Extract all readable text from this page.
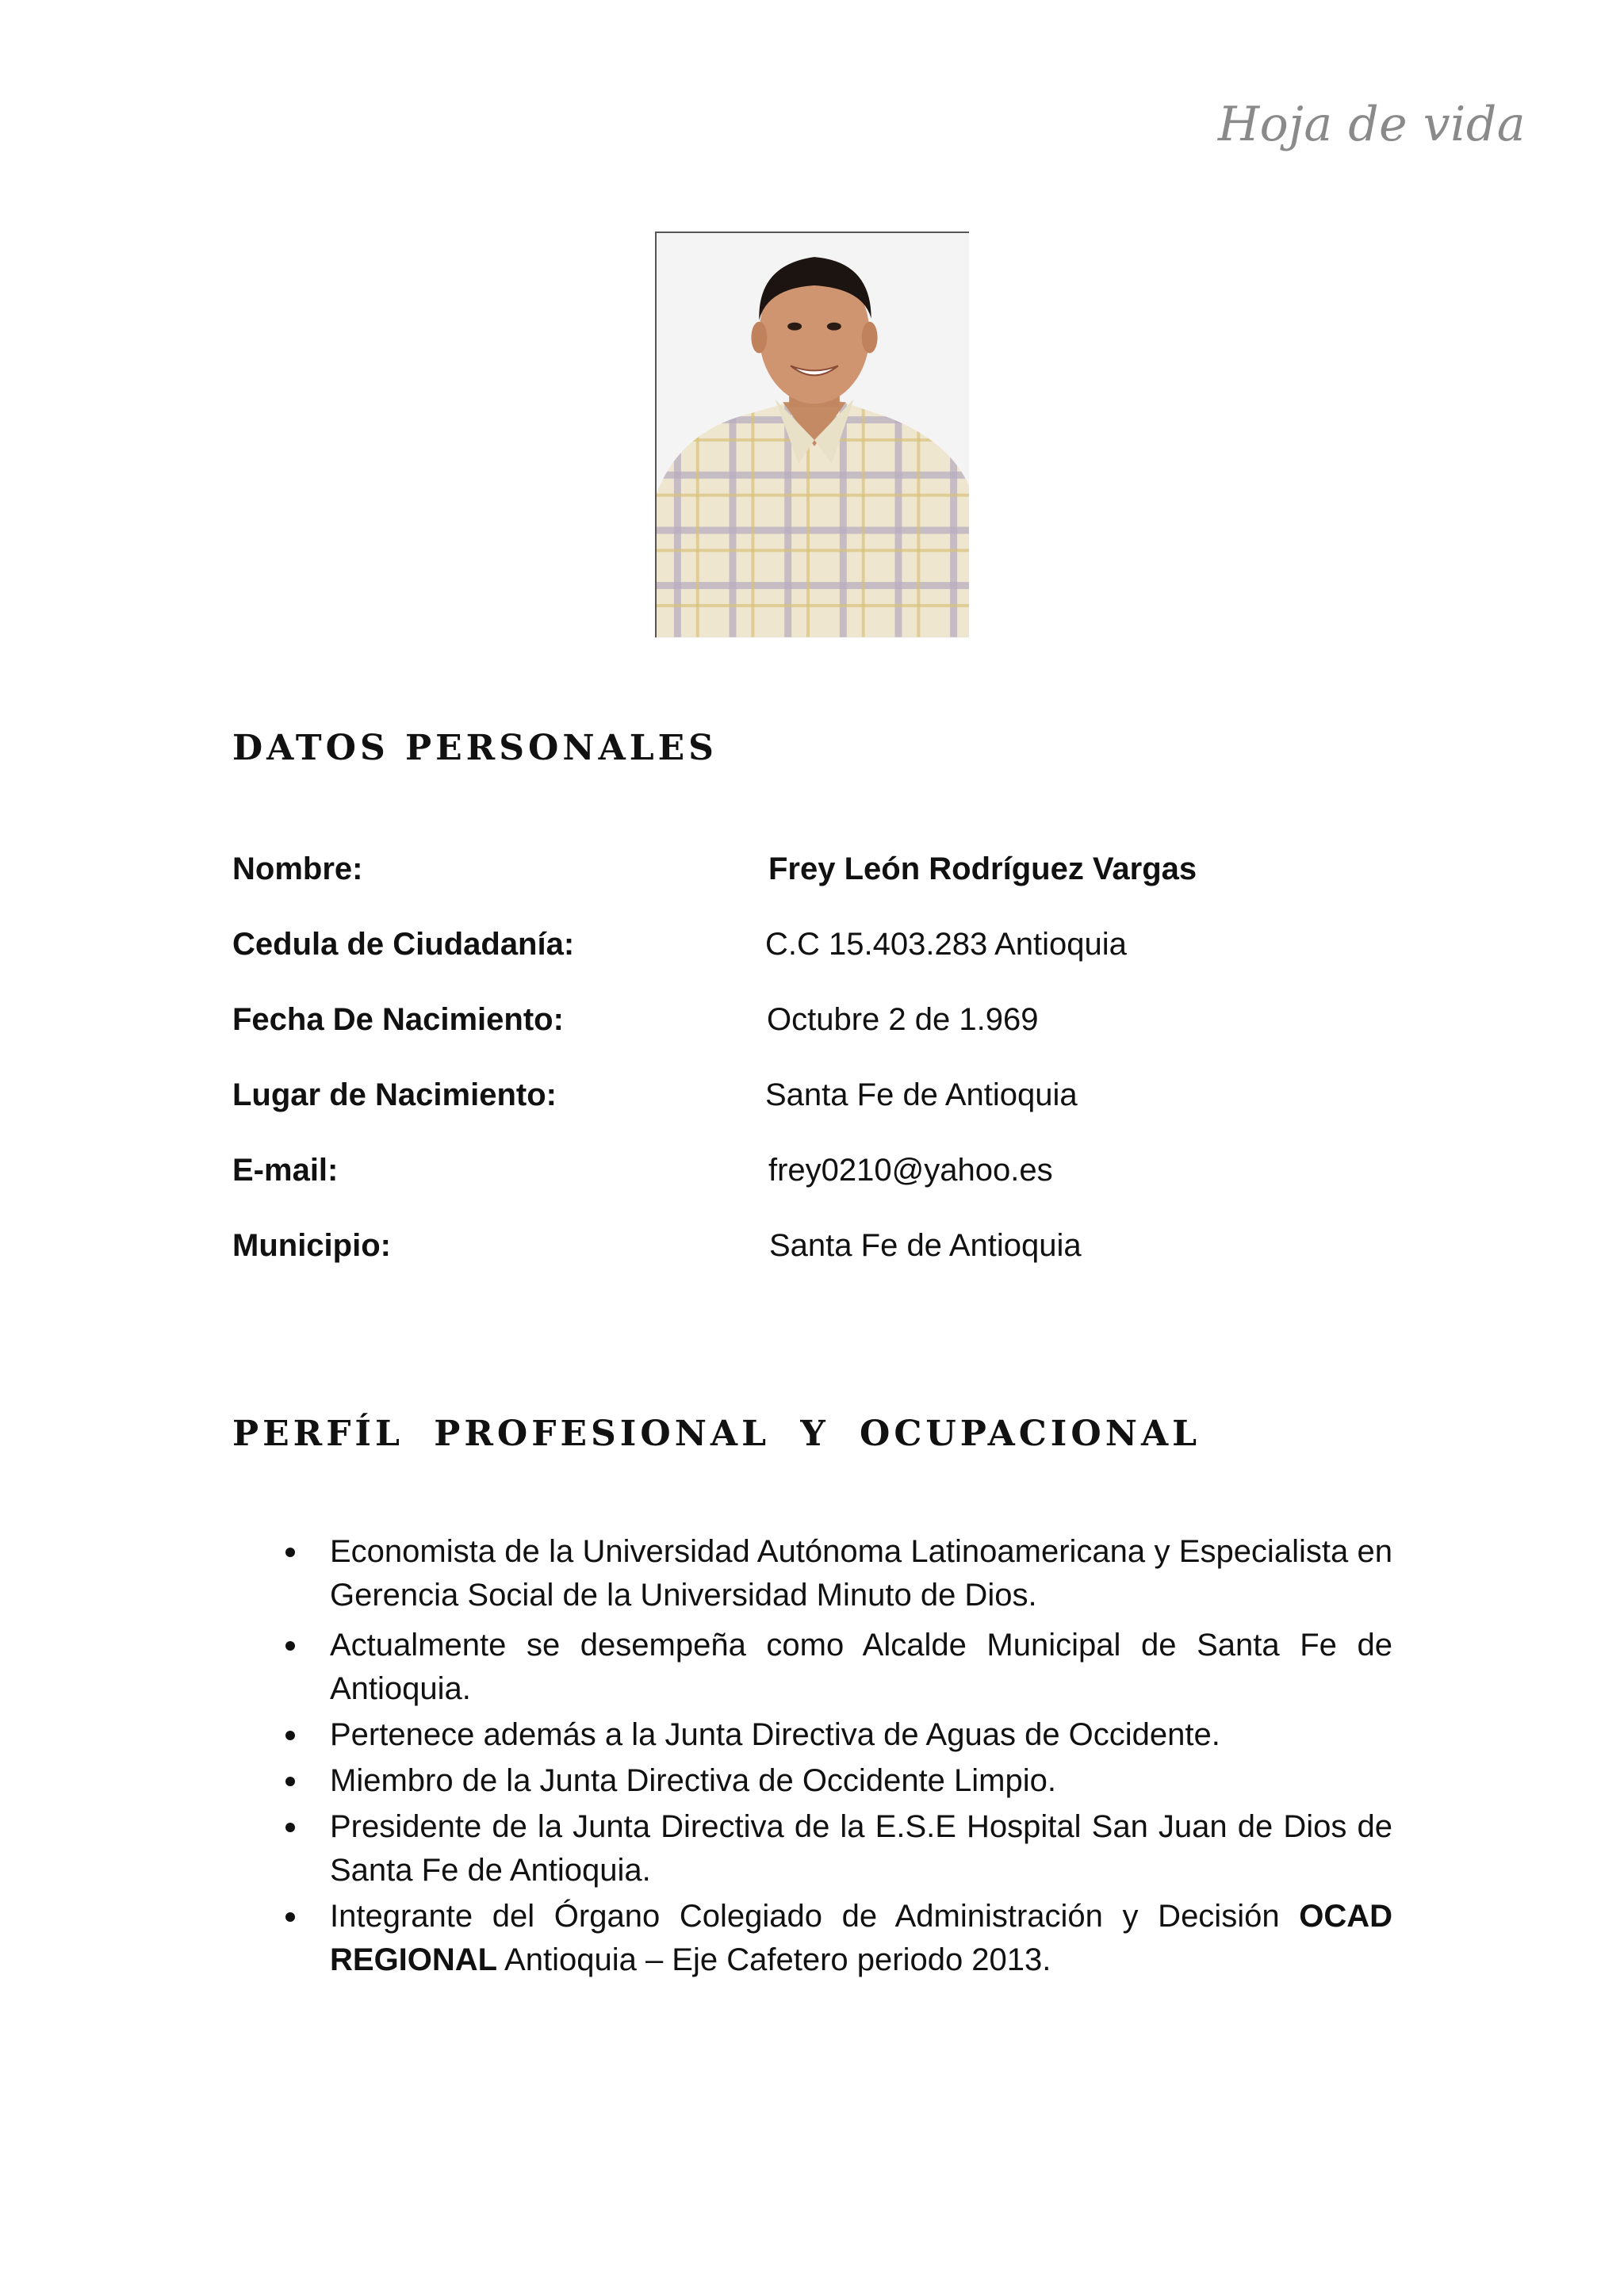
Hoja de vida
DATOS PERSONALES
Nombre:	Frey León Rodríguez Vargas
Cedula de Ciudadanía:	C.C 15.403.283 Antioquia
Fecha De Nacimiento:	Octubre 2 de 1.969
Lugar de Nacimiento:	Santa Fe de Antioquia
E-mail:	frey0210@yahoo.es
Municipio:	Santa Fe de Antioquia
PERFÍL PROFESIONAL Y OCUPACIONAL
Economista de la Universidad Autónoma Latinoamericana y Especialista en Gerencia Social de la Universidad Minuto de Dios.
Actualmente se desempeña como Alcalde Municipal de Santa Fe de Antioquia.
Pertenece además a la Junta Directiva de Aguas de Occidente.
Miembro de la Junta Directiva de Occidente Limpio.
Presidente de la Junta Directiva de la E.S.E Hospital San Juan de Dios de Santa Fe de Antioquia.
Integrante del Órgano Colegiado de Administración y Decisión OCAD REGIONAL Antioquia – Eje Cafetero periodo 2013.
